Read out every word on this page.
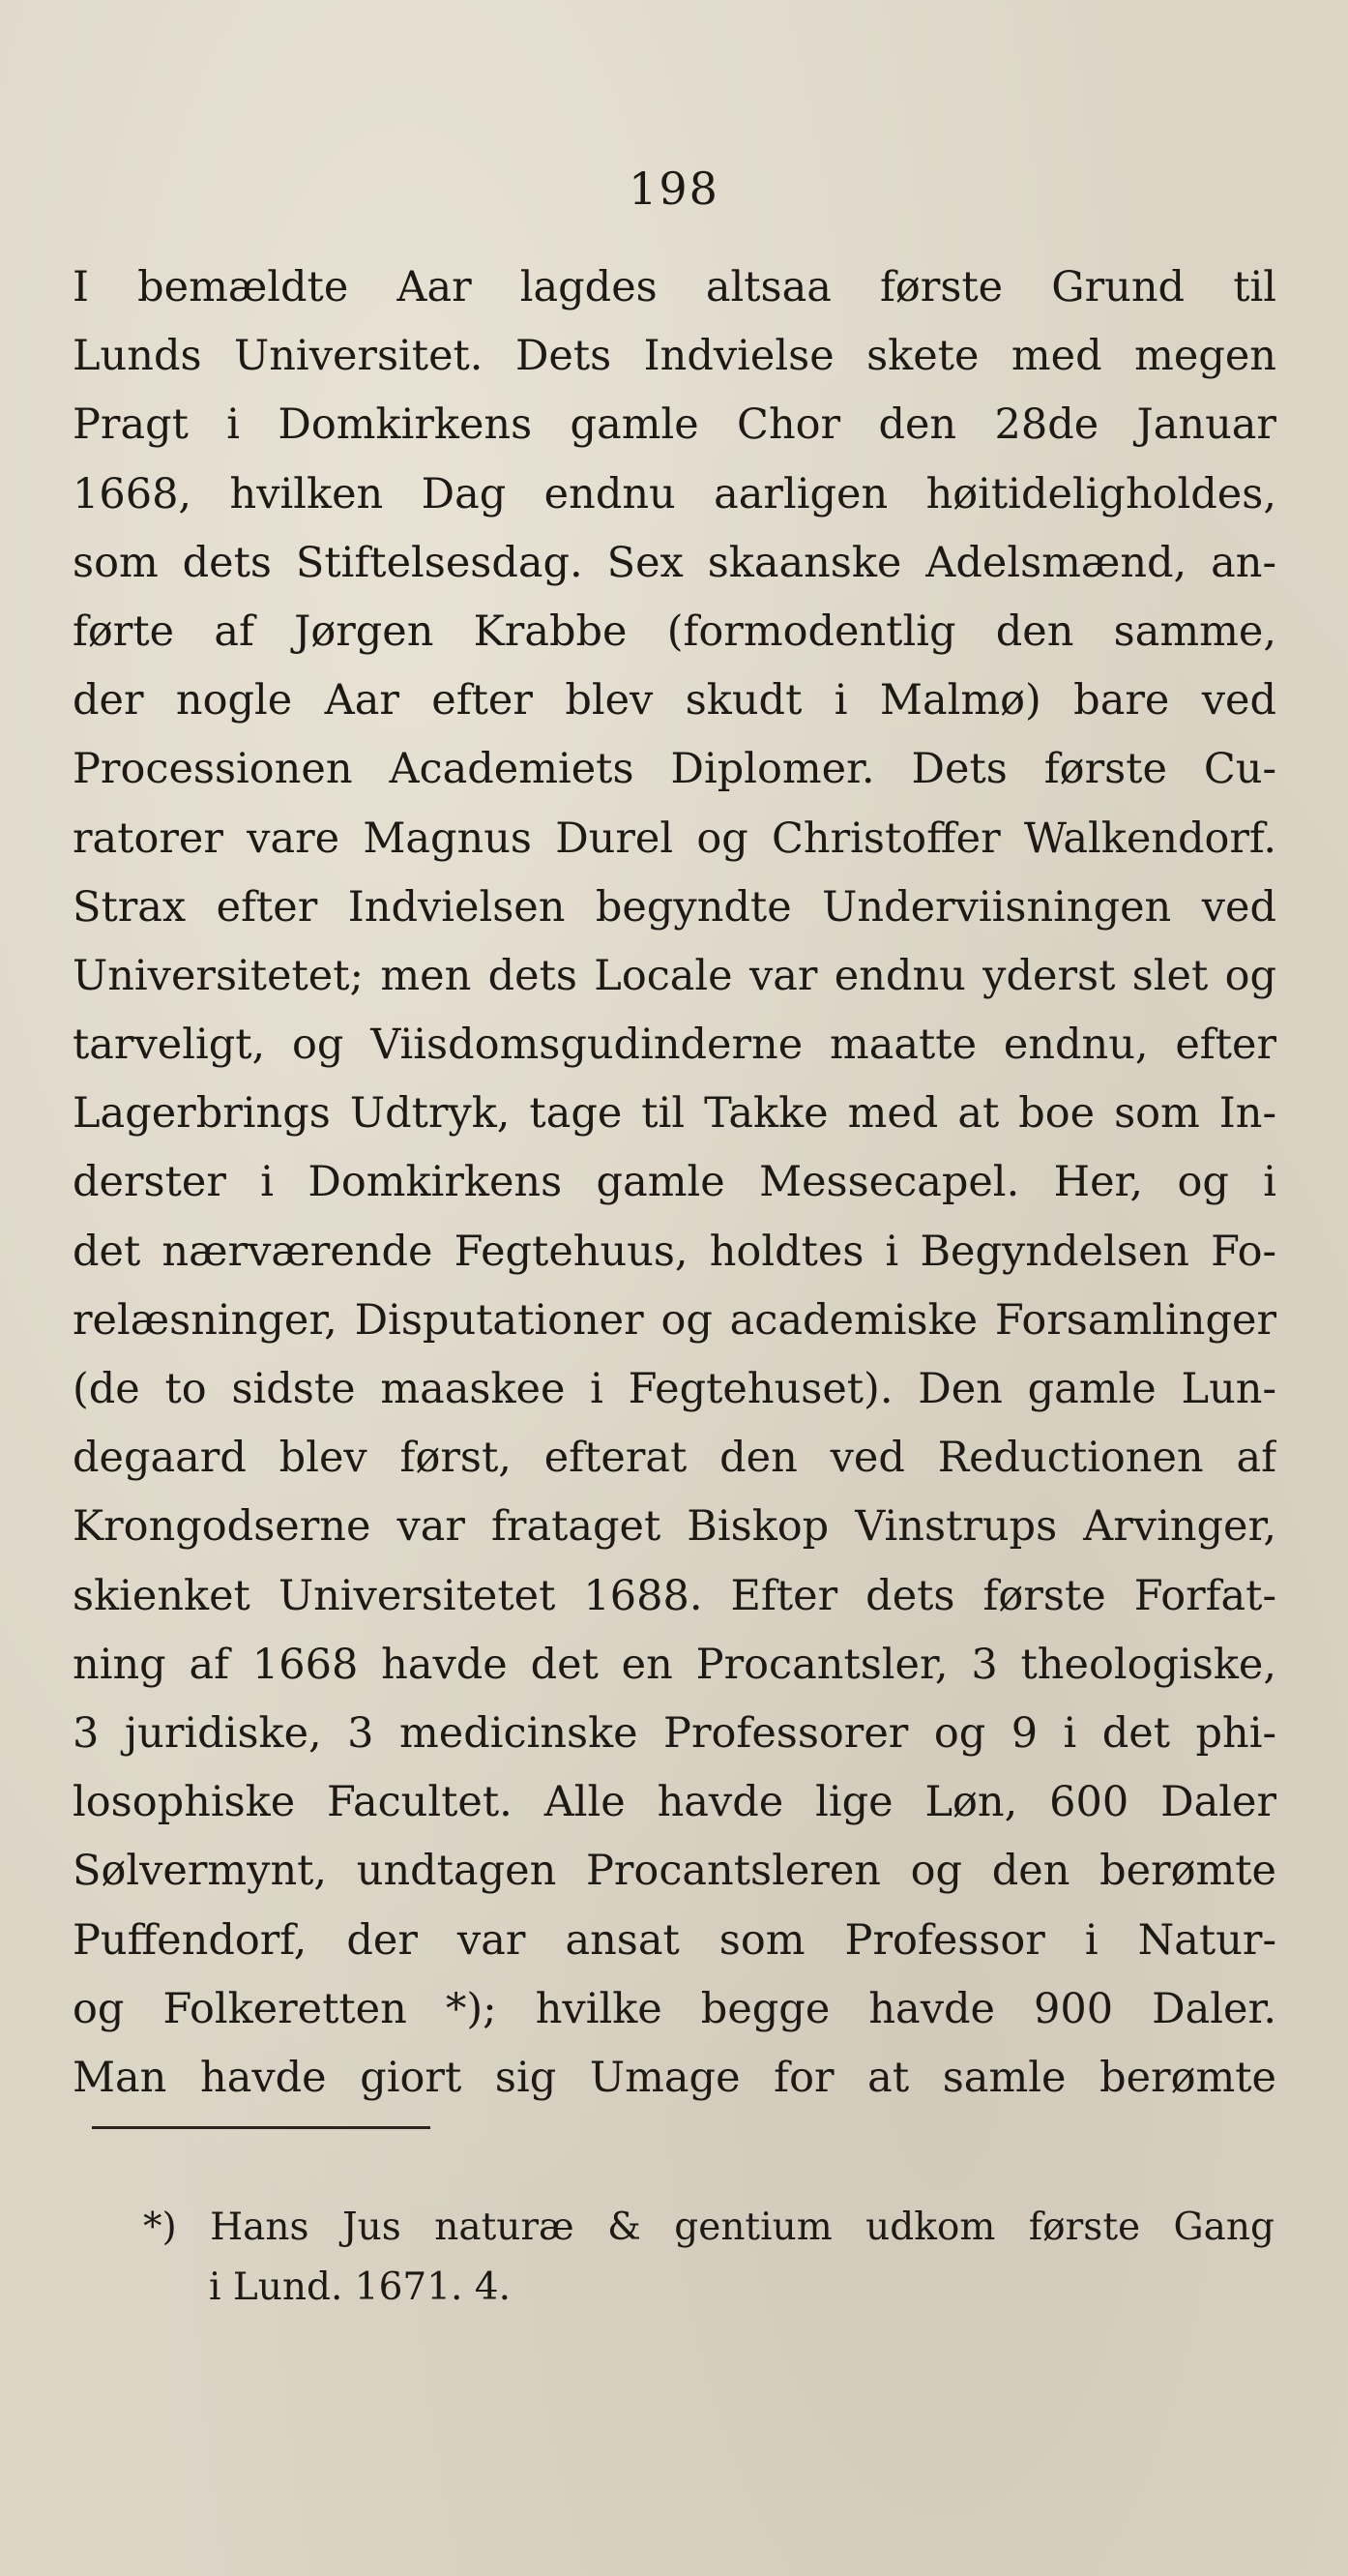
198
I bemældte Aar lagdes altsaa første Grund til
Lunds Universitet. Dets Indvielse skete med megen
Pragt i Domkirkens gamle Chor den 28de Januar
1668, hvilken Dag endnu aarligen høitideligholdes,
som dets Stiftelsesdag. Sex skaanske Adelsmænd, an-
førte af Jørgen Krabbe (formodentlig den samme,
der nogle Aar efter blev skudt i Malmø) bare ved
Processionen Academiets Diplomer. Dets første Cu-
ratorer vare Magnus Durel og Christoffer Walkendorf.
Strax efter Indvielsen begyndte Underviisningen ved
Universitetet; men dets Locale var endnu yderst slet og
tarveligt, og Viisdomsgudinderne maatte endnu, efter
Lagerbrings Udtryk, tage til Takke med at boe som In-
derster i Domkirkens gamle Messecapel. Her, og i
det nærværende Fegtehuus, holdtes i Begyndelsen Fo-
relæsninger, Disputationer og academiske Forsamlinger
(de to sidste maaskee i Fegtehuset). Den gamle Lun-
degaard blev først, efterat den ved Reductionen af
Krongodserne var frataget Biskop Vinstrups Arvinger,
skienket Universitetet 1688. Efter dets første Forfat-
ning af 1668 havde det en Procantsler, 3 theologiske,
3 juridiske, 3 medicinske Professorer og 9 i det phi-
losophiske Facultet. Alle havde lige Løn, 600 Daler
Sølvermynt, undtagen Procantsleren og den berømte
Puffendorf, der var ansat som Professor i Natur-
og Folkeretten *); hvilke begge havde 900 Daler.
Man havde giort sig Umage for at samle berømte
*) Hans Jus naturæ & gentium udkom første Gang
i Lund. 1671. 4.
